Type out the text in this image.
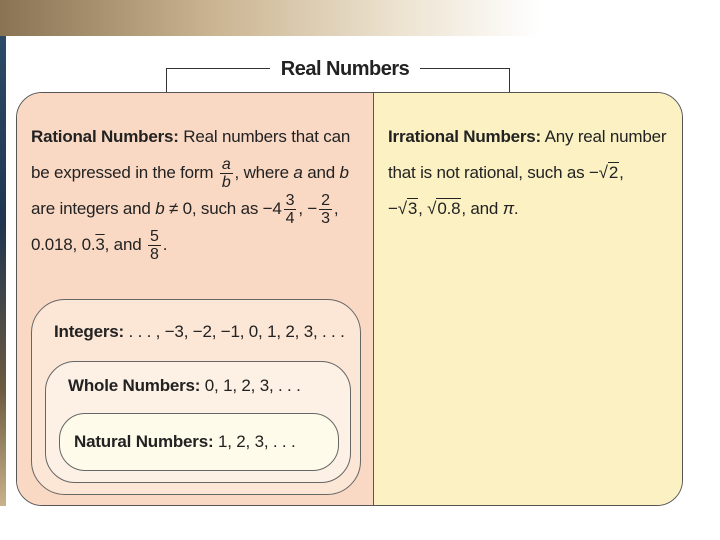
Real Numbers
Rational Numbers: Real numbers that can
be expressed in the form $\frac{a}{b}$ , where a and b
are integers and b ≠ 0, such as $-4 \frac{3}{4}$ , − $\frac{2}{3}$ ,
0.018, 0.3, and $\frac{5}{8}$ .
Integers: . . . , −3, −2, −1, 0, 1, 2, 3, . . .
Whole Numbers: 0, 1, 2, 3, . . .
Natural Numbers: 1, 2, 3, . . .
Irrational Numbers: Any real number
that is not rational, such as −√2,
−√3, √0.8, and π.
